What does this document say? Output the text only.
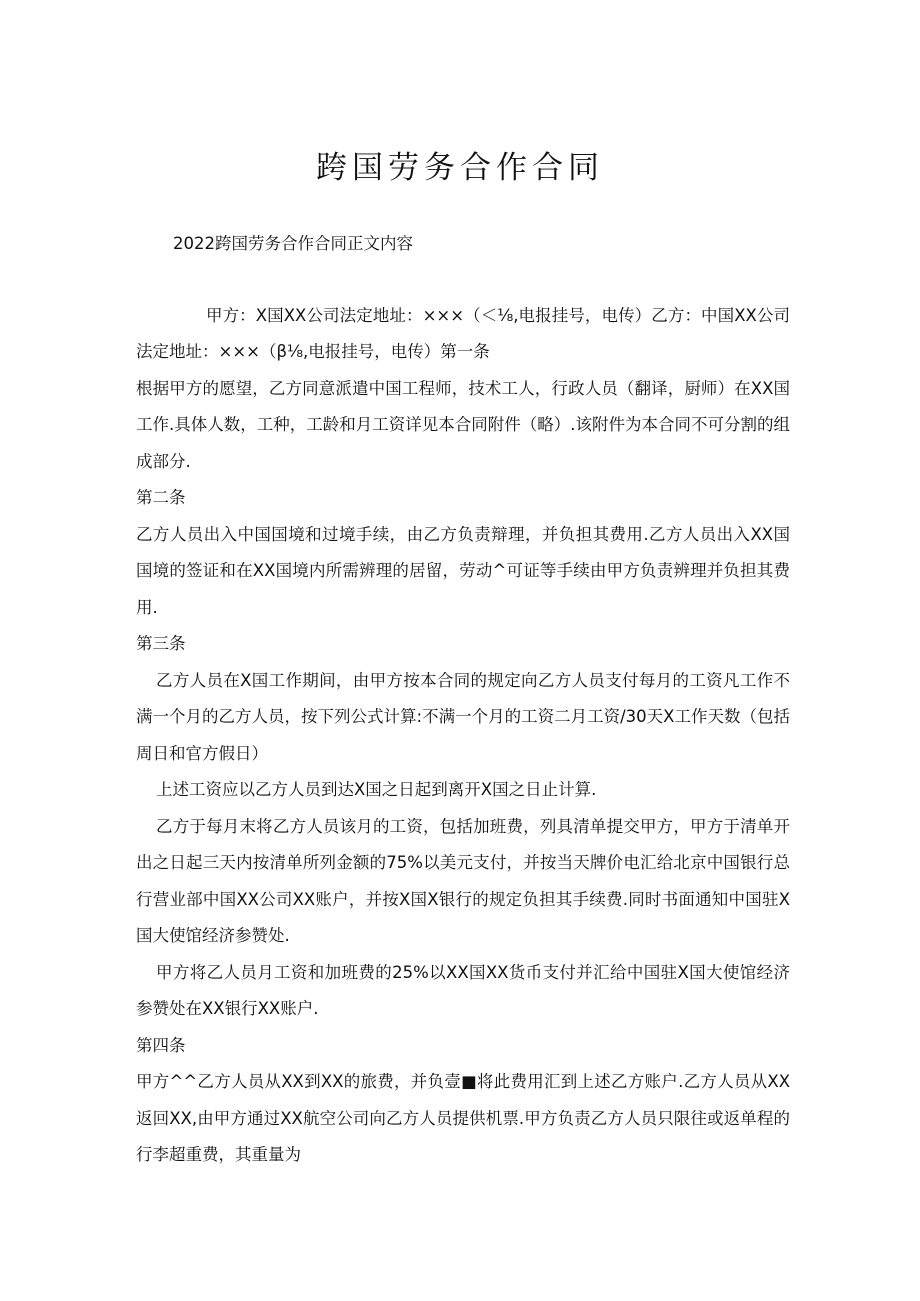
跨国劳务合作合同

2022跨国劳务合作合同正文内容

甲方：X国XX公司法定地址：×××（＜⅛,电报挂号，电传）乙方：中国XX公司法定地址：×××（β⅛,电报挂号，电传）第一条

根据甲方的愿望，乙方同意派遣中国工程师，技术工人，行政人员（翻译，厨师）在XX国工作.具体人数，工种，工龄和月工资详见本合同附件（略）.该附件为本合同不可分割的组成部分.

第二条

乙方人员出入中国国境和过境手续，由乙方负责辩理，并负担其费用.乙方人员出入XX国国境的签证和在XX国境内所需辨理的居留，劳动^可证等手续由甲方负责辨理并负担其费用.

第三条

乙方人员在X国工作期间，由甲方按本合同的规定向乙方人员支付每月的工资凡工作不满一个月的乙方人员，按下列公式计算:不满一个月的工资二月工资/30天X工作天数（包括周日和官方假日）

上述工资应以乙方人员到达X国之日起到离开X国之日止计算.

乙方于每月末将乙方人员该月的工资，包括加班费，列具清单提交甲方，甲方于清单开出之日起三天内按清单所列金额的75%以美元支付，并按当天牌价电汇给北京中国银行总行营业部中国XX公司XX账户，并按X国X银行的规定负担其手续费.同时书面通知中国驻X国大使馆经济参赞处.

甲方将乙人员月工资和加班费的25%以XX国XX货币支付并汇给中国驻X国大使馆经济参赞处在XX银行XX账户.

第四条

甲方^^乙方人员从XX到XX的旅费，并负壹■将此费用汇到上述乙方账户.乙方人员从XX返回XX,由甲方通过XX航空公司向乙方人员提供机票.甲方负责乙方人员只限往或返单程的行李超重费，其重量为
